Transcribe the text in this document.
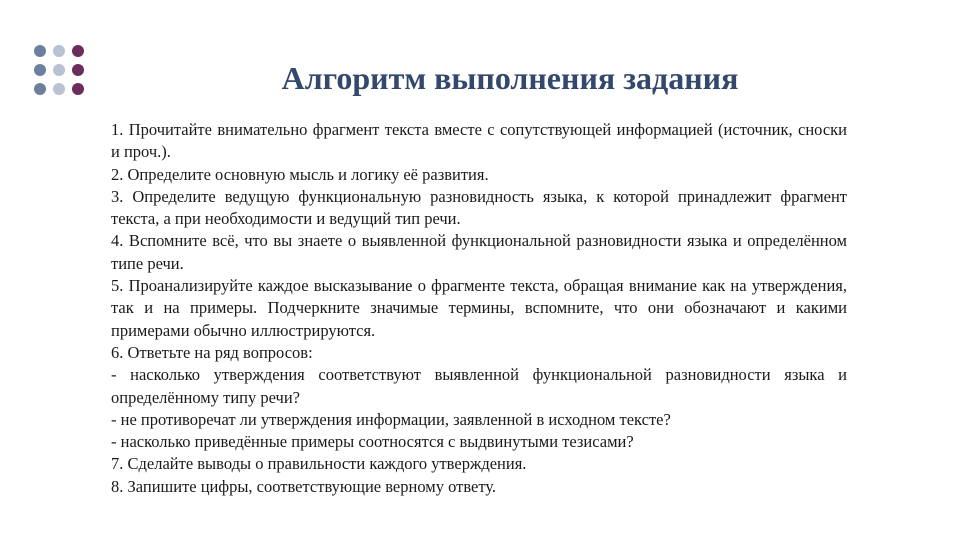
Алгоритм выполнения задания

1. Прочитайте внимательно фрагмент текста вместе с сопутствующей информацией (источник, сноски и проч.).

2. Определите основную мысль и логику её развития.

3. Определите ведущую функциональную разновидность языка, к которой принадлежит фрагмент текста, а при необходимости и ведущий тип речи.

4. Вспомните всё, что вы знаете о выявленной функциональной разновидности языка и определённом типе речи.

5. Проанализируйте каждое высказывание о фрагменте текста, обращая внимание как на утверждения, так и на примеры. Подчеркните значимые термины, вспомните, что они обозначают и какими примерами обычно иллюстрируются.

6. Ответьте на ряд вопросов:

- насколько утверждения соответствуют выявленной функциональной разновидности языка и определённому типу речи?

- не противоречат ли утверждения информации, заявленной в исходном тексте?

- насколько приведённые примеры соотносятся с выдвинутыми тезисами?

7. Сделайте выводы о правильности каждого утверждения.

8. Запишите цифры, соответствующие верному ответу.
